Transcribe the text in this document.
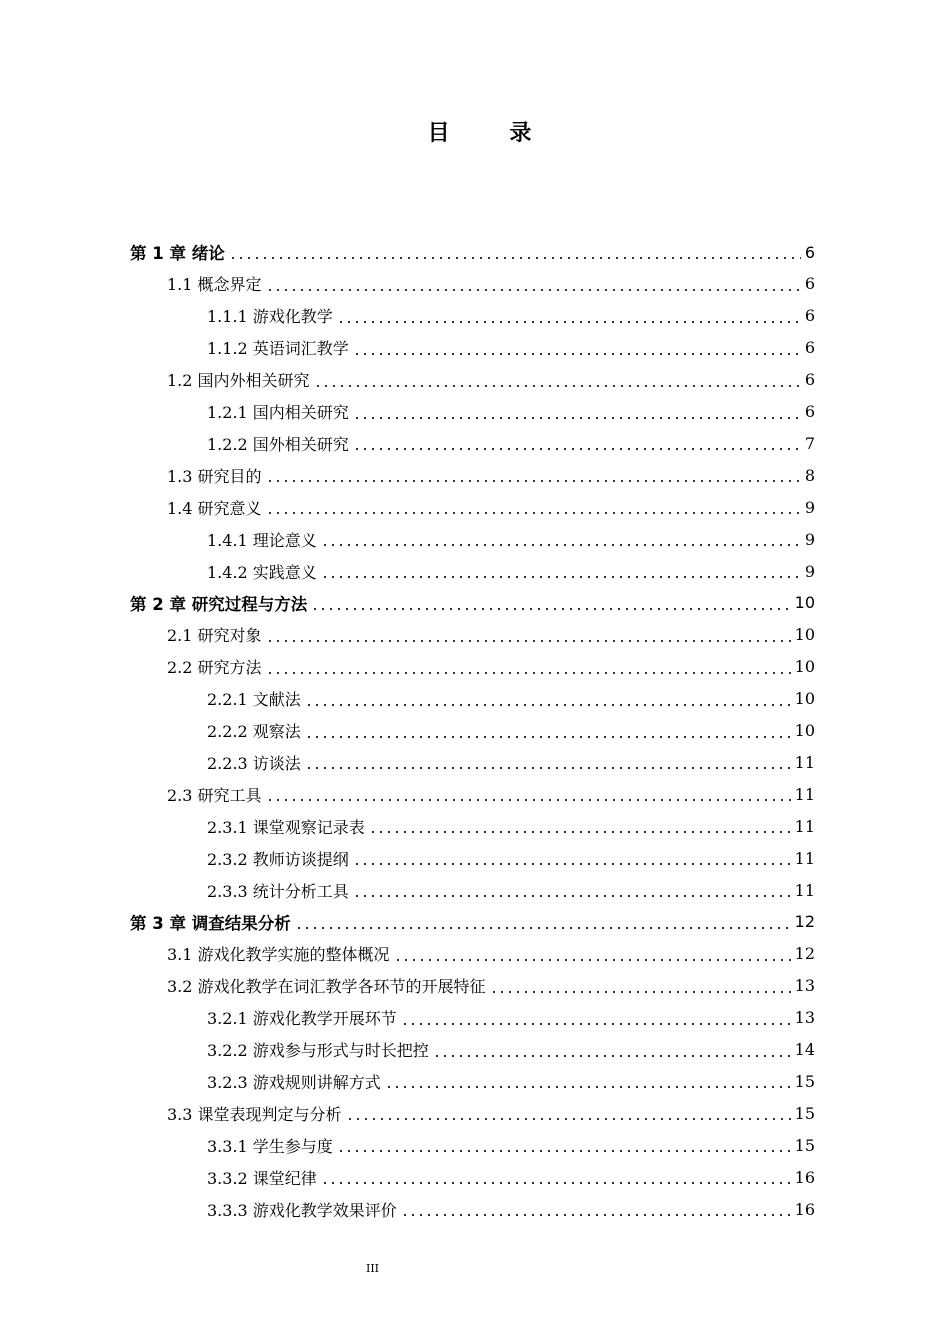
目 录
第 1 章 绪论	6
1.1 概念界定	6
1.1.1 游戏化教学	6
1.1.2 英语词汇教学	6
1.2 国内外相关研究	6
1.2.1 国内相关研究	6
1.2.2 国外相关研究	7
1.3 研究目的	8
1.4 研究意义	9
1.4.1 理论意义	9
1.4.2 实践意义	9
第 2 章 研究过程与方法	10
2.1 研究对象	10
2.2 研究方法	10
2.2.1 文献法	10
2.2.2 观察法	10
2.2.3 访谈法	11
2.3 研究工具	11
2.3.1 课堂观察记录表	11
2.3.2 教师访谈提纲	11
2.3.3 统计分析工具	11
第 3 章 调查结果分析	12
3.1 游戏化教学实施的整体概况	12
3.2 游戏化教学在词汇教学各环节的开展特征	13
3.2.1 游戏化教学开展环节	13
3.2.2 游戏参与形式与时长把控	14
3.2.3 游戏规则讲解方式	15
3.3 课堂表现判定与分析	15
3.3.1 学生参与度	15
3.3.2 课堂纪律	16
3.3.3 游戏化教学效果评价	16
III
